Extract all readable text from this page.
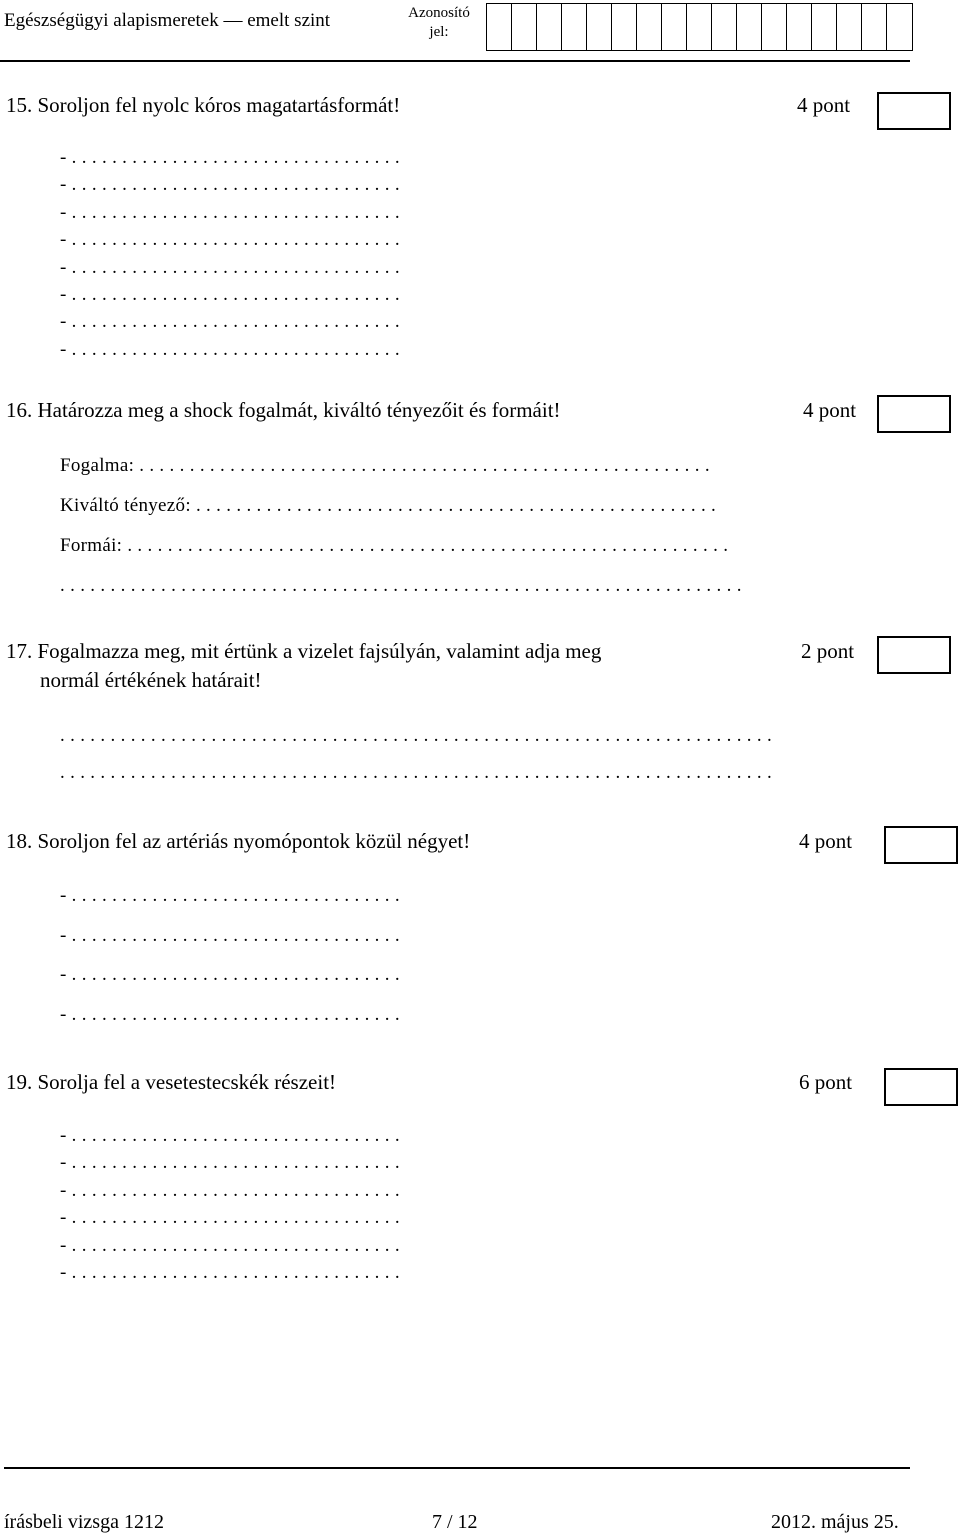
Egészségügyi alapismeretek — emelt szint	Azonosító
jel:
15. Soroljon fel nyolc kóros magatartásformát!	4 pont
- . . . . . . . . . . . . . . . . . . . . . . . . . . . . . . . . .
- . . . . . . . . . . . . . . . . . . . . . . . . . . . . . . . . .
- . . . . . . . . . . . . . . . . . . . . . . . . . . . . . . . . .
- . . . . . . . . . . . . . . . . . . . . . . . . . . . . . . . . .
- . . . . . . . . . . . . . . . . . . . . . . . . . . . . . . . . .
- . . . . . . . . . . . . . . . . . . . . . . . . . . . . . . . . .
- . . . . . . . . . . . . . . . . . . . . . . . . . . . . . . . . .
- . . . . . . . . . . . . . . . . . . . . . . . . . . . . . . . . .
16. Határozza meg a shock fogalmát, kiváltó tényezőit és formáit!	4 pont
Fogalma: . . . . . . . . . . . . . . . . . . . . . . . . . . . . . . . . . . . . . . . . . . . . . . . . . . . . . . . . .
Kiváltó tényező: . . . . . . . . . . . . . . . . . . . . . . . . . . . . . . . . . . . . . . . . . . . . . . . . . . . .
Formái: . . . . . . . . . . . . . . . . . . . . . . . . . . . . . . . . . . . . . . . . . . . . . . . . . . . . . . . . . . . .
. . . . . . . . . . . . . . . . . . . . . . . . . . . . . . . . . . . . . . . . . . . . . . . . . . . . . . . . . . . . . . . . . . . .
17. Fogalmazza meg, mit értünk a vizelet fajsúlyán, valamint adja meg
normál értékének határait!
2 pont
. . . . . . . . . . . . . . . . . . . . . . . . . . . . . . . . . . . . . . . . . . . . . . . . . . . . . . . . . . . . . . . . . . . . . . .
. . . . . . . . . . . . . . . . . . . . . . . . . . . . . . . . . . . . . . . . . . . . . . . . . . . . . . . . . . . . . . . . . . . . . . .
18. Soroljon fel az artériás nyomópontok közül négyet!	4 pont
- . . . . . . . . . . . . . . . . . . . . . . . . . . . . . . . . .
- . . . . . . . . . . . . . . . . . . . . . . . . . . . . . . . . .
- . . . . . . . . . . . . . . . . . . . . . . . . . . . . . . . . .
- . . . . . . . . . . . . . . . . . . . . . . . . . . . . . . . . .
19. Sorolja fel a vesetestecskék részeit!	6 pont
- . . . . . . . . . . . . . . . . . . . . . . . . . . . . . . . . .
- . . . . . . . . . . . . . . . . . . . . . . . . . . . . . . . . .
- . . . . . . . . . . . . . . . . . . . . . . . . . . . . . . . . .
- . . . . . . . . . . . . . . . . . . . . . . . . . . . . . . . . .
- . . . . . . . . . . . . . . . . . . . . . . . . . . . . . . . . .
- . . . . . . . . . . . . . . . . . . . . . . . . . . . . . . . . .
írásbeli vizsga 1212	7 / 12	2012. május 25.
